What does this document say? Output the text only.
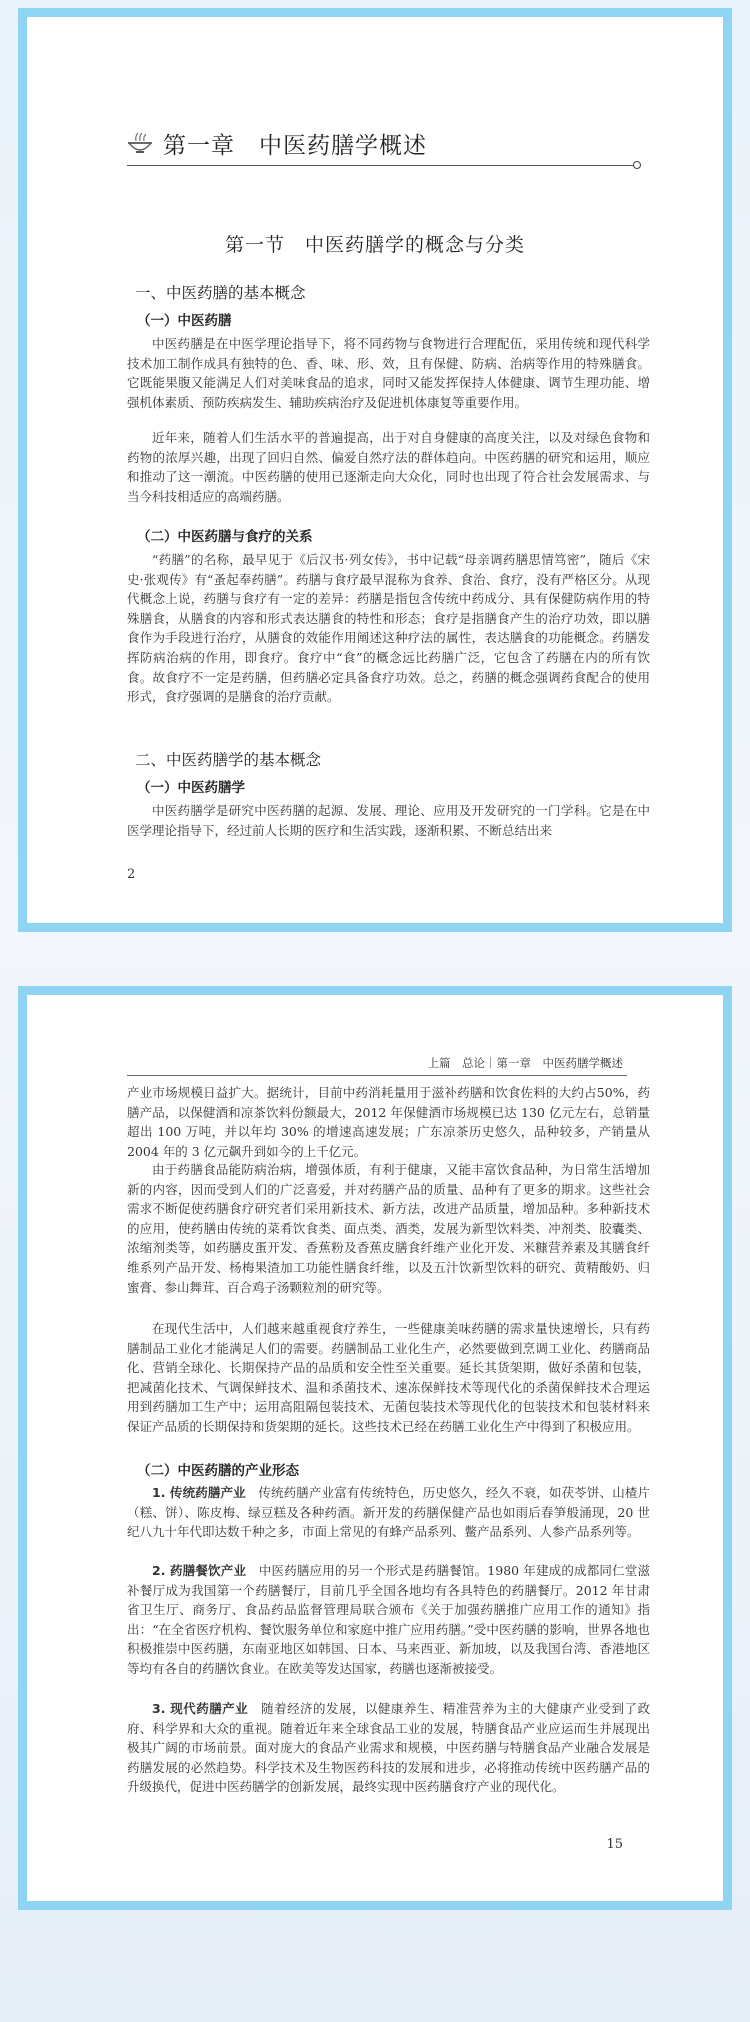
第一章　中医药膳学概述
第一节　中医药膳学的概念与分类
一、中医药膳的基本概念
（一）中医药膳

中医药膳是在中医学理论指导下，将不同药物与食物进行合理配伍，采用传统和现代科学技术加工制作成具有独特的色、香、味、形、效，且有保健、防病、治病等作用的特殊膳食。它既能果腹又能满足人们对美味食品的追求，同时又能发挥保持人体健康、调节生理功能、增强机体素质、预防疾病发生、辅助疾病治疗及促进机体康复等重要作用。

近年来，随着人们生活水平的普遍提高，出于对自身健康的高度关注，以及对绿色食物和药物的浓厚兴趣，出现了回归自然、偏爱自然疗法的群体趋向。中医药膳的研究和运用，顺应和推动了这一潮流。中医药膳的使用已逐渐走向大众化，同时也出现了符合社会发展需求、与当今科技相适应的高端药膳。

（二）中医药膳与食疗的关系

“药膳”的名称，最早见于《后汉书·列女传》，书中记载“母亲调药膳思情笃密”，随后《宋史·张观传》有“蚤起奉药膳”。药膳与食疗最早混称为食养、食治、食疗，没有严格区分。从现代概念上说，药膳与食疗有一定的差异：药膳是指包含传统中药成分、具有保健防病作用的特殊膳食，从膳食的内容和形式表达膳食的特性和形态；食疗是指膳食产生的治疗功效，即以膳食作为手段进行治疗，从膳食的效能作用阐述这种疗法的属性，表达膳食的功能概念。药膳发挥防病治病的作用，即食疗。食疗中“食”的概念远比药膳广泛，它包含了药膳在内的所有饮食。故食疗不一定是药膳，但药膳必定具备食疗功效。总之，药膳的概念强调药食配合的使用形式，食疗强调的是膳食的治疗贡献。

二、中医药膳学的基本概念
（一）中医药膳学

中医药膳学是研究中医药膳的起源、发展、理论、应用及开发研究的一门学科。它是在中医学理论指导下，经过前人长期的医疗和生活实践，逐渐积累、不断总结出来

2
上篇　总论｜第一章　中医药膳学概述

产业市场规模日益扩大。据统计，目前中药消耗量用于滋补药膳和饮食佐料的大约占50%，药膳产品，以保健酒和凉茶饮料份额最大，2012 年保健酒市场规模已达 130 亿元左右，总销量超出 100 万吨，并以年均 30% 的增速高速发展；广东凉茶历史悠久，品种较多，产销量从 2004 年的 3 亿元飙升到如今的上千亿元。

由于药膳食品能防病治病，增强体质，有利于健康，又能丰富饮食品种，为日常生活增加新的内容，因而受到人们的广泛喜爱，并对药膳产品的质量、品种有了更多的期求。这些社会需求不断促使药膳食疗研究者们采用新技术、新方法，改进产品质量，增加品种。多种新技术的应用，使药膳由传统的菜肴饮食类、面点类、酒类，发展为新型饮料类、冲剂类、胶囊类、浓缩剂类等，如药膳皮蛋开发、香蕉粉及香蕉皮膳食纤维产业化开发、米糠营养素及其膳食纤维系列产品开发、杨梅果渣加工功能性膳食纤维，以及五汁饮新型饮料的研究、黄精酸奶、归蜜膏、参山舞茸、百合鸡子汤颗粒剂的研究等。

在现代生活中，人们越来越重视食疗养生，一些健康美味药膳的需求量快速增长，只有药膳制品工业化才能满足人们的需要。药膳制品工业化生产，必然要做到烹调工业化、药膳商品化、营销全球化、长期保持产品的品质和安全性至关重要。延长其货架期，做好杀菌和包装，把减菌化技术、气调保鲜技术、温和杀菌技术、速冻保鲜技术等现代化的杀菌保鲜技术合理运用到药膳加工生产中；运用高阻隔包装技术、无菌包装技术等现代化的包装技术和包装材料来保证产品质的长期保持和货架期的延长。这些技术已经在药膳工业化生产中得到了积极应用。

（二）中医药膳的产业形态

1. 传统药膳产业　 传统药膳产业富有传统特色，历史悠久，经久不衰，如茯苓饼、山楂片（糕、饼）、陈皮梅、绿豆糕及各种药酒。新开发的药膳保健产品也如雨后春笋般涌现，20 世纪八九十年代即达数千种之多，市面上常见的有蜂产品系列、鳖产品系列、人参产品系列等。

2. 药膳餐饮产业　 中医药膳应用的另一个形式是药膳餐馆。1980 年建成的成都同仁堂滋补餐厅成为我国第一个药膳餐厅，目前几乎全国各地均有各具特色的药膳餐厅。2012 年甘肃省卫生厅、商务厅、食品药品监督管理局联合颁布《关于加强药膳推广应用工作的通知》指出：“在全省医疗机构、餐饮服务单位和家庭中推广应用药膳。”受中医药膳的影响，世界各地也积极推崇中医药膳，东南亚地区如韩国、日本、马来西亚、新加坡，以及我国台湾、香港地区等均有各自的药膳饮食业。在欧美等发达国家，药膳也逐渐被接受。

3. 现代药膳产业　 随着经济的发展，以健康养生、精准营养为主的大健康产业受到了政府、科学界和大众的重视。随着近年来全球食品工业的发展，特膳食品产业应运而生并展现出极其广阔的市场前景。面对庞大的食品产业需求和规模，中医药膳与特膳食品产业融合发展是药膳发展的必然趋势。科学技术及生物医药科技的发展和进步，必将推动传统中医药膳产品的升级换代，促进中医药膳学的创新发展，最终实现中医药膳食疗产业的现代化。

15
